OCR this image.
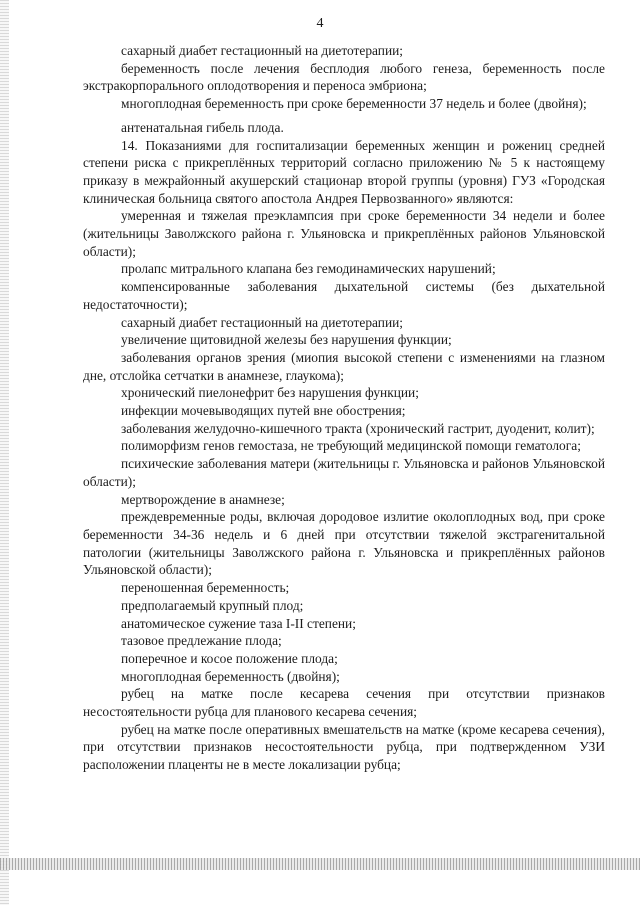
4

сахарный диабет гестационный на диетотерапии;

беременность после лечения бесплодия любого генеза, беременность после экстракорпорального оплодотворения и переноса эмбриона;

многоплодная беременность при сроке беременности 37 недель и более (двойня);

антенатальная гибель плода.

14. Показаниями для госпитализации беременных женщин и рожениц средней степени риска с прикреплённых территорий согласно приложению № 5 к настоящему приказу в межрайонный акушерский стационар второй группы (уровня) ГУЗ «Городская клиническая больница святого апостола Андрея Первозванного» являются:

умеренная и тяжелая преэклампсия при сроке беременности 34 недели и более (жительницы Заволжского района г. Ульяновска и прикреплённых районов Ульяновской области);

пролапс митрального клапана без гемодинамических нарушений;

компенсированные заболевания дыхательной системы (без дыхательной недостаточности);

сахарный диабет гестационный на диетотерапии;

увеличение щитовидной железы без нарушения функции;

заболевания органов зрения (миопия высокой степени с изменениями на глазном дне, отслойка сетчатки в анамнезе, глаукома);

хронический пиелонефрит без нарушения функции;

инфекции мочевыводящих путей вне обострения;

заболевания желудочно-кишечного тракта (хронический гастрит, дуоденит, колит);

полиморфизм генов гемостаза, не требующий медицинской помощи гематолога;

психические заболевания матери (жительницы г. Ульяновска и районов Ульяновской области);

мертворождение в анамнезе;

преждевременные роды, включая дородовое излитие околоплодных вод, при сроке беременности 34-36 недель и 6 дней при отсутствии тяжелой экстрагенитальной патологии (жительницы Заволжского района г. Ульяновска и прикреплённых районов Ульяновской области);

переношенная беременность;

предполагаемый крупный плод;

анатомическое сужение таза I-II степени;

тазовое предлежание плода;

поперечное и косое положение плода;

многоплодная беременность (двойня);

рубец на матке после кесарева сечения при отсутствии признаков несостоятельности рубца для планового кесарева сечения;

рубец на матке после оперативных вмешательств на матке (кроме кесарева сечения), при отсутствии признаков несостоятельности рубца, при подтвержденном УЗИ расположении плаценты не в месте локализации рубца;
